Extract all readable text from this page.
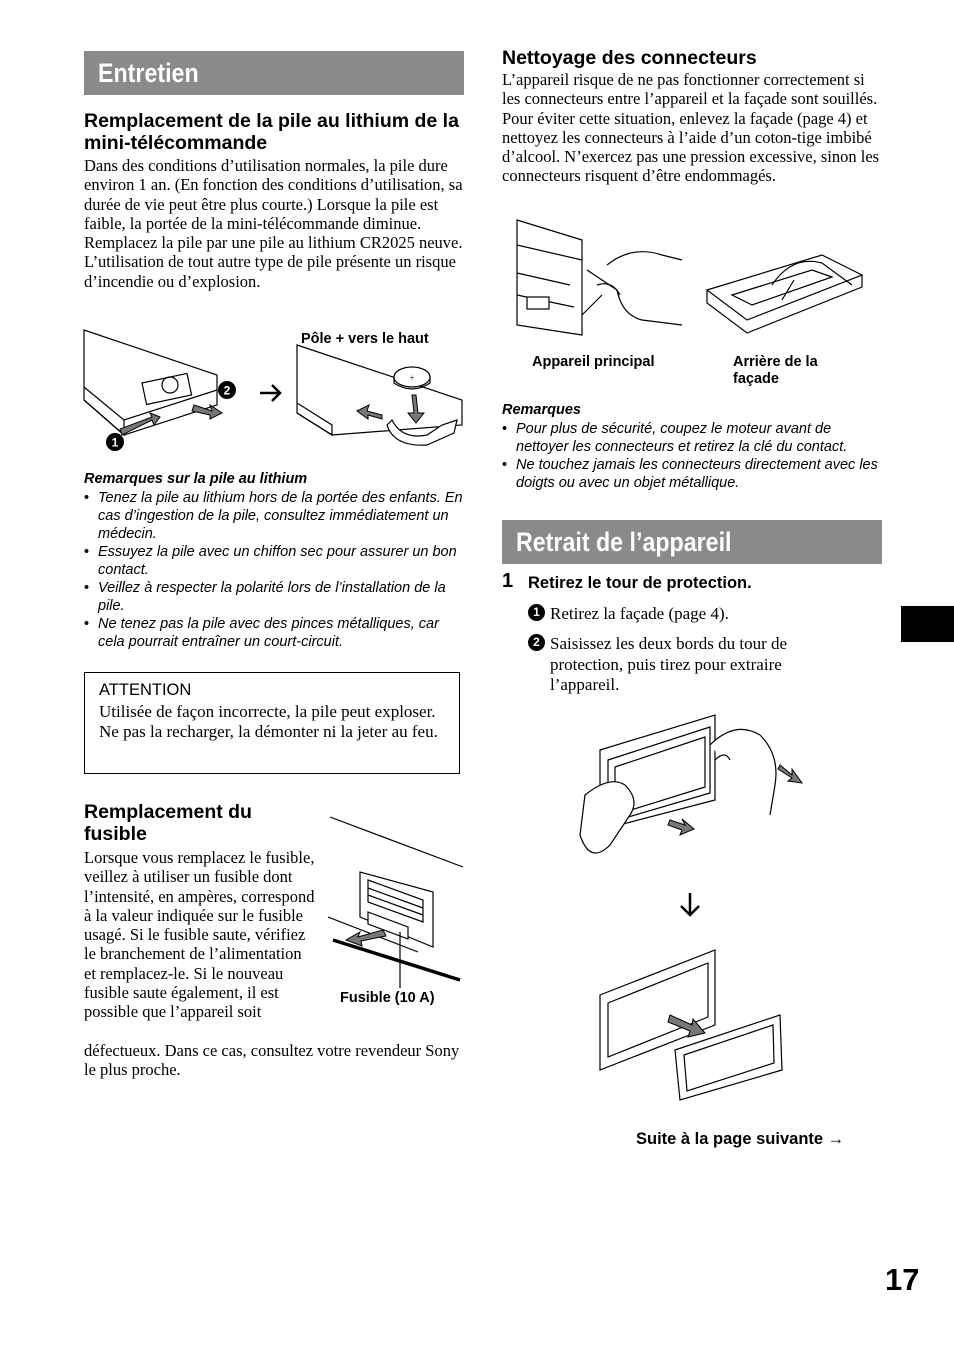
Entretien
Remplacement de la pile au lithium de la mini-télécommande
Dans des conditions d’utilisation normales, la pile dure environ 1 an. (En fonction des conditions d’utilisation, sa durée de vie peut être plus courte.) Lorsque la pile est faible, la portée de la mini-télécommande diminue. Remplacez la pile par une pile au lithium CR2025 neuve. L’utilisation de tout autre type de pile présente un risque d’incendie ou d’explosion.
Pôle + vers le haut
2
1
+
Remarques sur la pile au lithium
• Tenez la pile au lithium hors de la portée des enfants. En cas d’ingestion de la pile, consultez immédiatement un médecin.
• Essuyez la pile avec un chiffon sec pour assurer un bon contact.
• Veillez à respecter la polarité lors de l’installation de la pile.
• Ne tenez pas la pile avec des pinces métalliques, car cela pourrait entraîner un court-circuit.
ATTENTION
Utilisée de façon incorrecte, la pile peut exploser. Ne pas la recharger, la démonter ni la jeter au feu.
Remplacement du fusible
Lorsque vous remplacez le fusible, veillez à utiliser un fusible dont l’intensité, en ampères, correspond à la valeur indiquée sur le fusible usagé. Si le fusible saute, vérifiez le branchement de l’alimentation et remplacez-le. Si le nouveau fusible saute également, il est possible que l’appareil soit
défectueux. Dans ce cas, consultez votre revendeur Sony le plus proche.
Fusible (10 A)
Nettoyage des connecteurs
L’appareil risque de ne pas fonctionner correctement si les connecteurs entre l’appareil et la façade sont souillés. Pour éviter cette situation, enlevez la façade (page 4) et nettoyez les connecteurs à l’aide d’un coton-tige imbibé d’alcool. N’exercez pas une pression excessive, sinon les connecteurs risquent d’être endommagés.
Appareil principal	Arrière de la façade
Remarques
• Pour plus de sécurité, coupez le moteur avant de nettoyer les connecteurs et retirez la clé du contact.
• Ne touchez jamais les connecteurs directement avec les doigts ou avec un objet métallique.
Retrait de l’appareil
1 Retirez le tour de protection.
1 Retirez la façade (page 4).
2 Saisissez les deux bords du tour de protection, puis tirez pour extraire l’appareil.
Suite à la page suivante →
17
